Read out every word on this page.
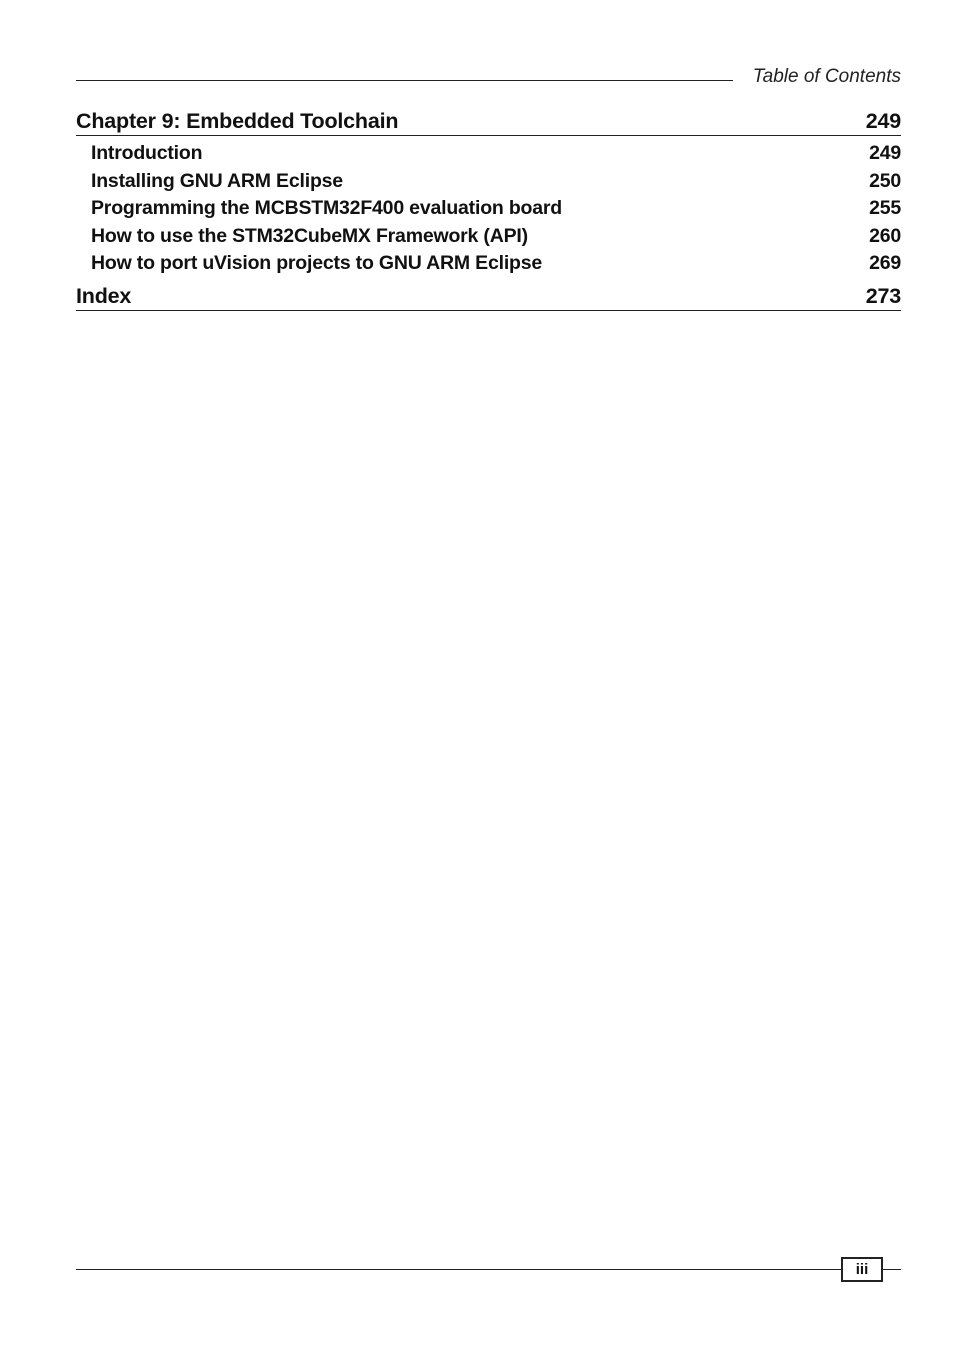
Table of Contents
Chapter 9: Embedded Toolchain	249
Introduction	249
Installing GNU ARM Eclipse	250
Programming the MCBSTM32F400 evaluation board	255
How to use the STM32CubeMX Framework (API)	260
How to port uVision projects to GNU ARM Eclipse	269
Index	273
iii
